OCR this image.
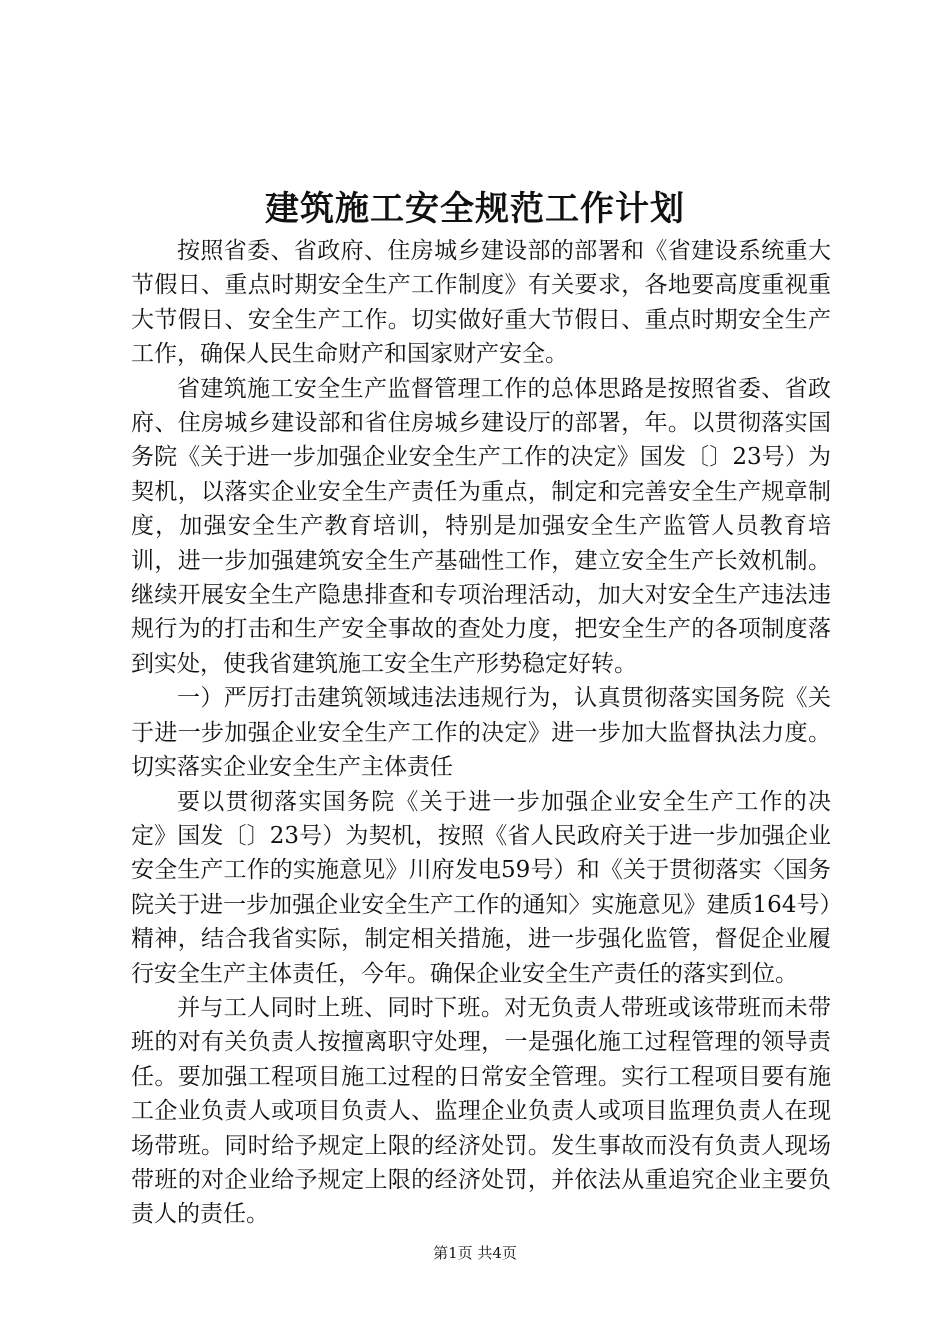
建筑施工安全规范工作计划

按照省委、省政府、住房城乡建设部的部署和《省建设系统重大节假日、重点时期安全生产工作制度》有关要求，各地要高度重视重大节假日、安全生产工作。切实做好重大节假日、重点时期安全生产工作，确保人民生命财产和国家财产安全。

省建筑施工安全生产监督管理工作的总体思路是按照省委、省政府、住房城乡建设部和省住房城乡建设厅的部署，年。以贯彻落实国务院《关于进一步加强企业安全生产工作的决定》国发〔〕23号）为契机，以落实企业安全生产责任为重点，制定和完善安全生产规章制度，加强安全生产教育培训，特别是加强安全生产监管人员教育培训，进一步加强建筑安全生产基础性工作，建立安全生产长效机制。继续开展安全生产隐患排查和专项治理活动，加大对安全生产违法违规行为的打击和生产安全事故的查处力度，把安全生产的各项制度落到实处，使我省建筑施工安全生产形势稳定好转。

一）严厉打击建筑领域违法违规行为，认真贯彻落实国务院《关于进一步加强企业安全生产工作的决定》进一步加大监督执法力度。切实落实企业安全生产主体责任

要以贯彻落实国务院《关于进一步加强企业安全生产工作的决定》国发〔〕23号）为契机，按照《省人民政府关于进一步加强企业安全生产工作的实施意见》川府发电59号）和《关于贯彻落实〈国务院关于进一步加强企业安全生产工作的通知〉实施意见》建质164号）精神，结合我省实际，制定相关措施，进一步强化监管，督促企业履行安全生产主体责任，今年。确保企业安全生产责任的落实到位。

并与工人同时上班、同时下班。对无负责人带班或该带班而未带班的对有关负责人按擅离职守处理，一是强化施工过程管理的领导责任。要加强工程项目施工过程的日常安全管理。实行工程项目要有施工企业负责人或项目负责人、监理企业负责人或项目监理负责人在现场带班。同时给予规定上限的经济处罚。发生事故而没有负责人现场带班的对企业给予规定上限的经济处罚，并依法从重追究企业主要负责人的责任。

第1页 共4页
